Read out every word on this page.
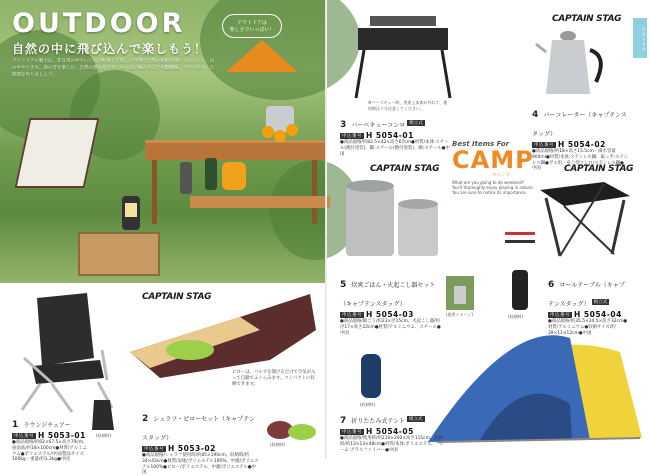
OUTDOOR
自然の中に飛び込んで楽しもう！
アウトドアの魅力は、非日常の中でいい気分転換して楽しい食事を自然の新鮮を感じられること。山の中やたき火、森の音を楽しむ、自然の恵みを大きくいっぱい味わうことも醍醐味。リラックスした時間を作りましょう。
アウトドアは
楽しさでいっぱい！
(収納時)
1 ラウンジチェアー
申込番号 H 5053-01
●商品規格/約62×67.5×高さ79cm、座面高/約18×100cm●材質/アルミニウム●ポリエステル/中国/製品サイズ100kg・重量/約1.3kg●中国
CAPTAIN STAG
ピローは、バルブを開けるだけで空気が入って自動でふくらみます。コンパクトに収納できます。
(収納時)
2 シュラフ・ピローセット（キャプテンスタッグ）
申込番号 H 5053-02
●商品規格/シュラフ使用時/約85×190cm、収納時/約34×43cm●材質/表地/ポリエステル100%、中綿/ポリエステル100%●ピロー/ポリエステル、中綿/ポリエステル●中国
アウトドア
※バーベキュー時、用途上本体が外れて、使用時は十分注意してください。
3 バーベキューコンロ 組立式
申込番号 H 5054-01
●商品規格/約83.5×42×高さ67cm●材質/本体:スチール(焼付塗装)、脚:スチール(焼付塗装)、網:スチール●中国
CAPTAIN STAG
4 パーコレーター（キャプテンスタッグ）
申込番号 H 5054-02
●商品規格/約18×高さ15.5cm・満水容量900ml●材質/本体:ステンレス鋼、取っ手:ステンレス鋼●ガス用・卓上型コンロ/ステンレス鋼●中国
Best Items For
CAMP
キャンプ
What are you going to do weekend?
You'll thoroughly enjoy playing in nature.
You are sure to notice its importance.
CAPTAIN STAG
(使用イメージ)
5 炊爽ごはん・火起こし器セット（キャプテンスタッグ）
申込番号 H 5054-03
●商品規格/飯ごう/約23×径15cm、火起こし器/約径17×高さ22cm●材質/アルミニウム、スチール●中国
CAPTAIN STAG
(収納時)
6 ロールテーブル（キャプテンスタッグ） 組立式
申込番号 H 5054-04
●商品規格/約35.5×34.5×高さ32cm●材質/アルミニウム●収納サイズ/約39×11×12cm●中国
(収納時)
7 折りたたみ式テント 組立式
申込番号 H 5054-05
●商品規格/使用時/約210×200×高さ115cm、収納時/約13×13×48cm●材質/本体:ポリエステル、フレーム:グラスファイバー●中国
